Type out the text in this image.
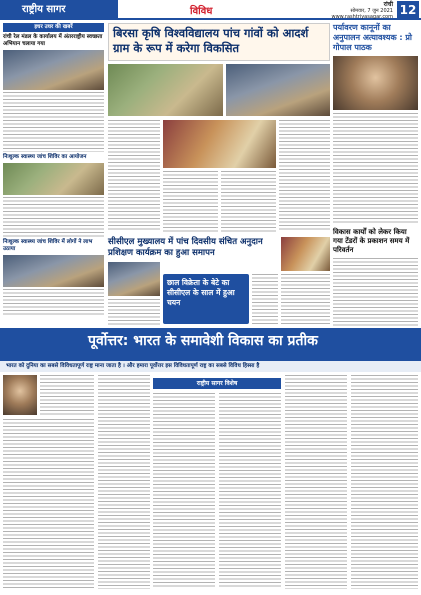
राष्ट्रीय सागर	विविध
रांची
सोमवार, 7 जुन 2021
www.rashtriyasagar.com 12
इधर उधर की खबरें
रांची रेल मंडल के कार्यालय में अंतरराष्ट्रीय स्वच्छता अभियान चलाया गया
निःशुल्क स्वास्थ्य जांच शिविर का आयोजन
निःशुल्क स्वास्थ्य जांच शिविर में लोगों ने लाभ उठाया
बिरसा कृषि विश्वविद्यालय पांच गांवों को आदर्श ग्राम के रूप में करेगा विकसित
सीसीएल मुख्यालय में पांच दिवसीय संचित अनुदान प्रशिक्षण कार्यक्रम का हुआ समापन
छाल विक्रेता के बेटे का सीसीएल के साल में हुआ चयन
पर्यावरण कानूनों का अनुपालन अत्यावश्यक : प्रो गोपाल पाठक
विकास कार्यों को लेकर किया गया टेंडरों के प्रकाशन समय में परिवर्तन
पूर्वोत्तर: भारत के समावेशी विकास का प्रतीक
भारत को दुनिया का सबसे विविधतापूर्ण राष्ट्र माना जाता है । और हमारा पूर्वोत्तर इस विविधतापूर्ण राष्ट्र का सबसे विविध हिस्सा है
राष्ट्रीय सागर विशेष
